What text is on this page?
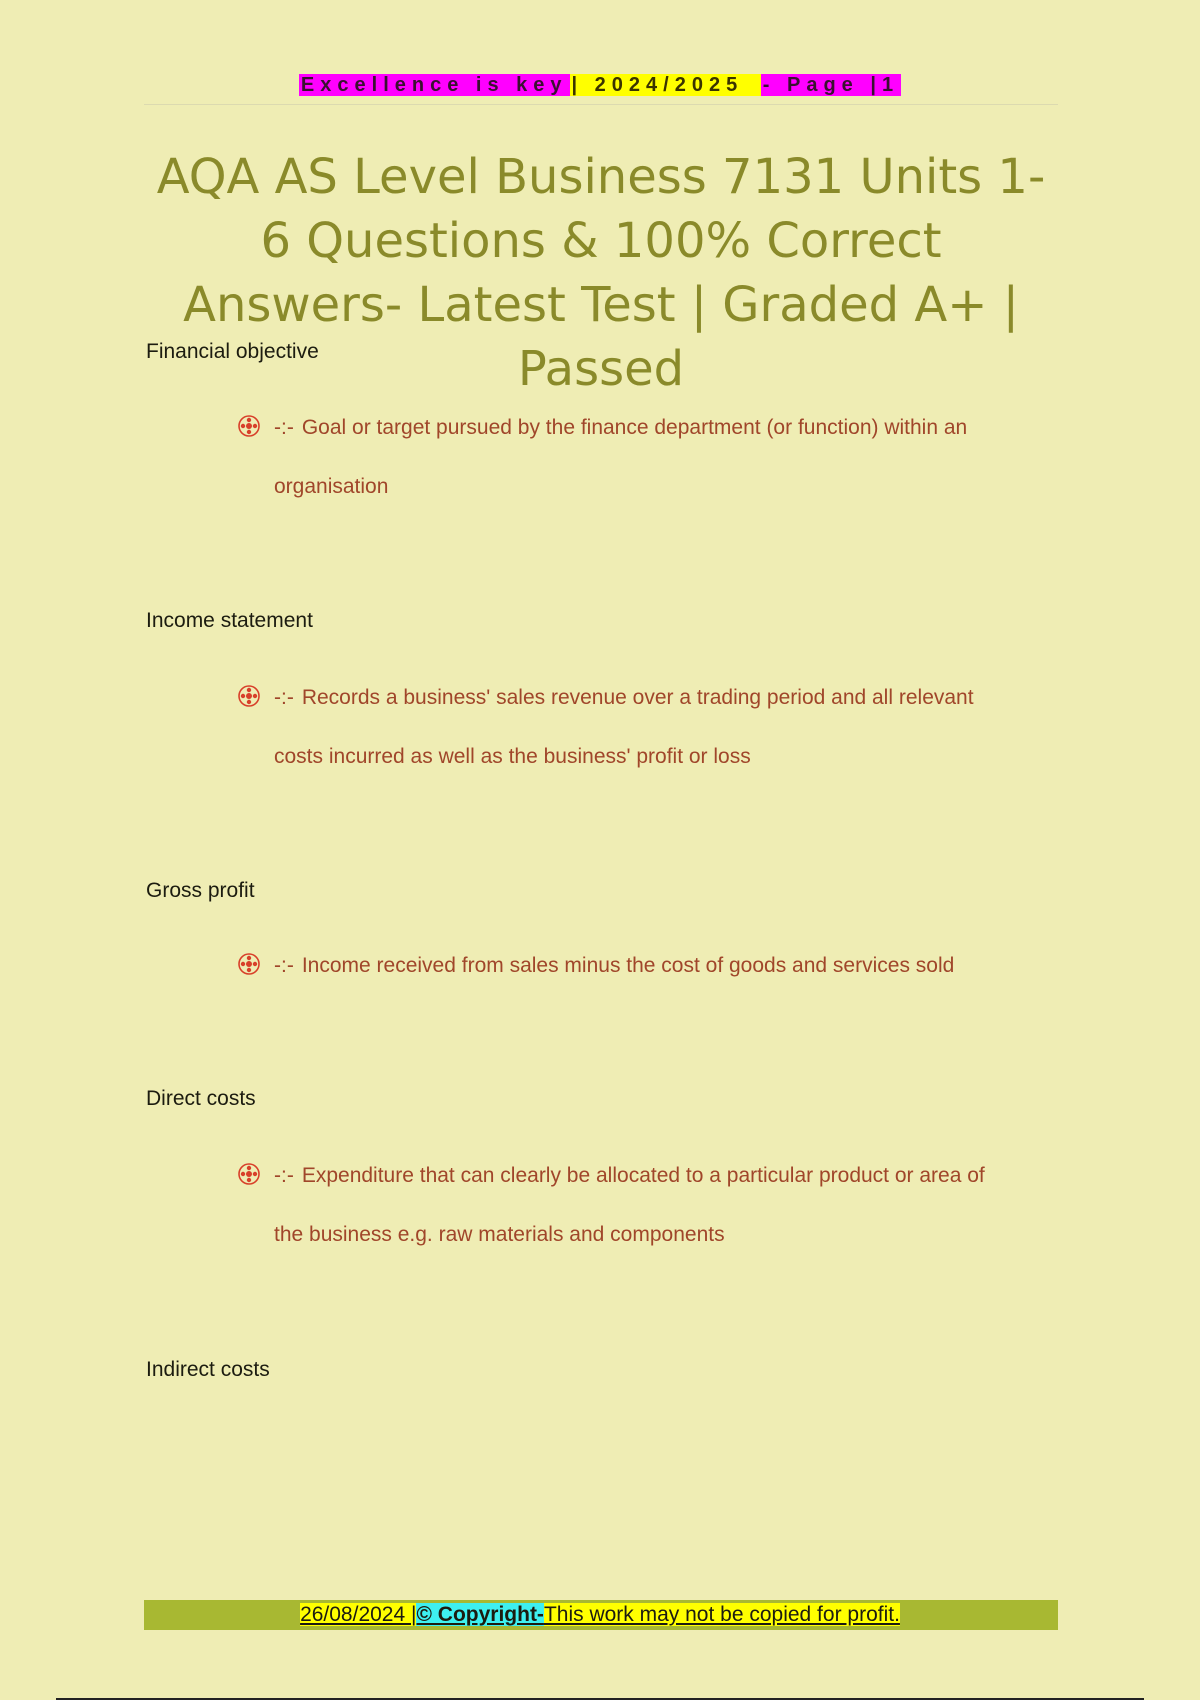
Excellence is key | 2024/2025 - Page |1
AQA AS Level Business 7131 Units 1-6 Questions & 100% Correct Answers- Latest Test | Graded A+ | Passed
Financial objective
-:- Goal or target pursued by the finance department (or function) within an
organisation
Income statement
-:- Records a business' sales revenue over a trading period and all relevant
costs incurred as well as the business' profit or loss
Gross profit
-:- Income received from sales minus the cost of goods and services sold
Direct costs
-:- Expenditure that can clearly be allocated to a particular product or area of
the business e.g. raw materials and components
Indirect costs
26/08/2024 |© Copyright-This work may not be copied for profit.
